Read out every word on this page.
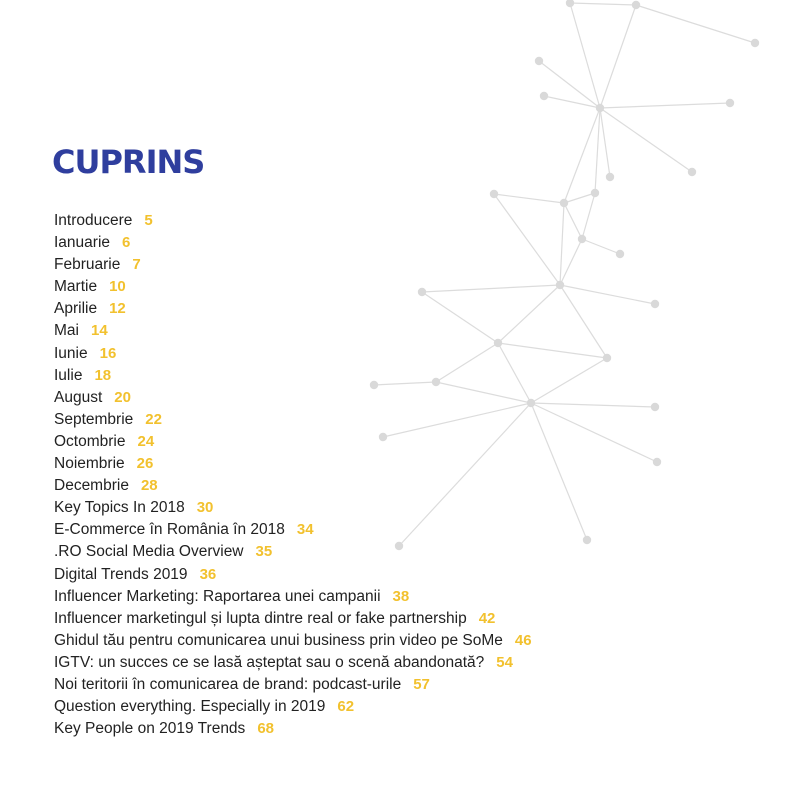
CUPRINS
Introducere 5
Ianuarie 6
Februarie 7
Martie 10
Aprilie 12
Mai 14
Iunie 16
Iulie 18
August 20
Septembrie 22
Octombrie 24
Noiembrie 26
Decembrie 28
Key Topics In 2018 30
E-Commerce în România în 2018 34
.RO Social Media Overview 35
Digital Trends 2019 36
Influencer Marketing: Raportarea unei campanii 38
Influencer marketingul și lupta dintre real or fake partnership 42
Ghidul tău pentru comunicarea unui business prin video pe SoMe 46
IGTV: un succes ce se lasă așteptat sau o scenă abandonată? 54
Noi teritorii în comunicarea de brand: podcast-urile 57
Question everything. Especially in 2019 62
Key People on 2019 Trends 68
